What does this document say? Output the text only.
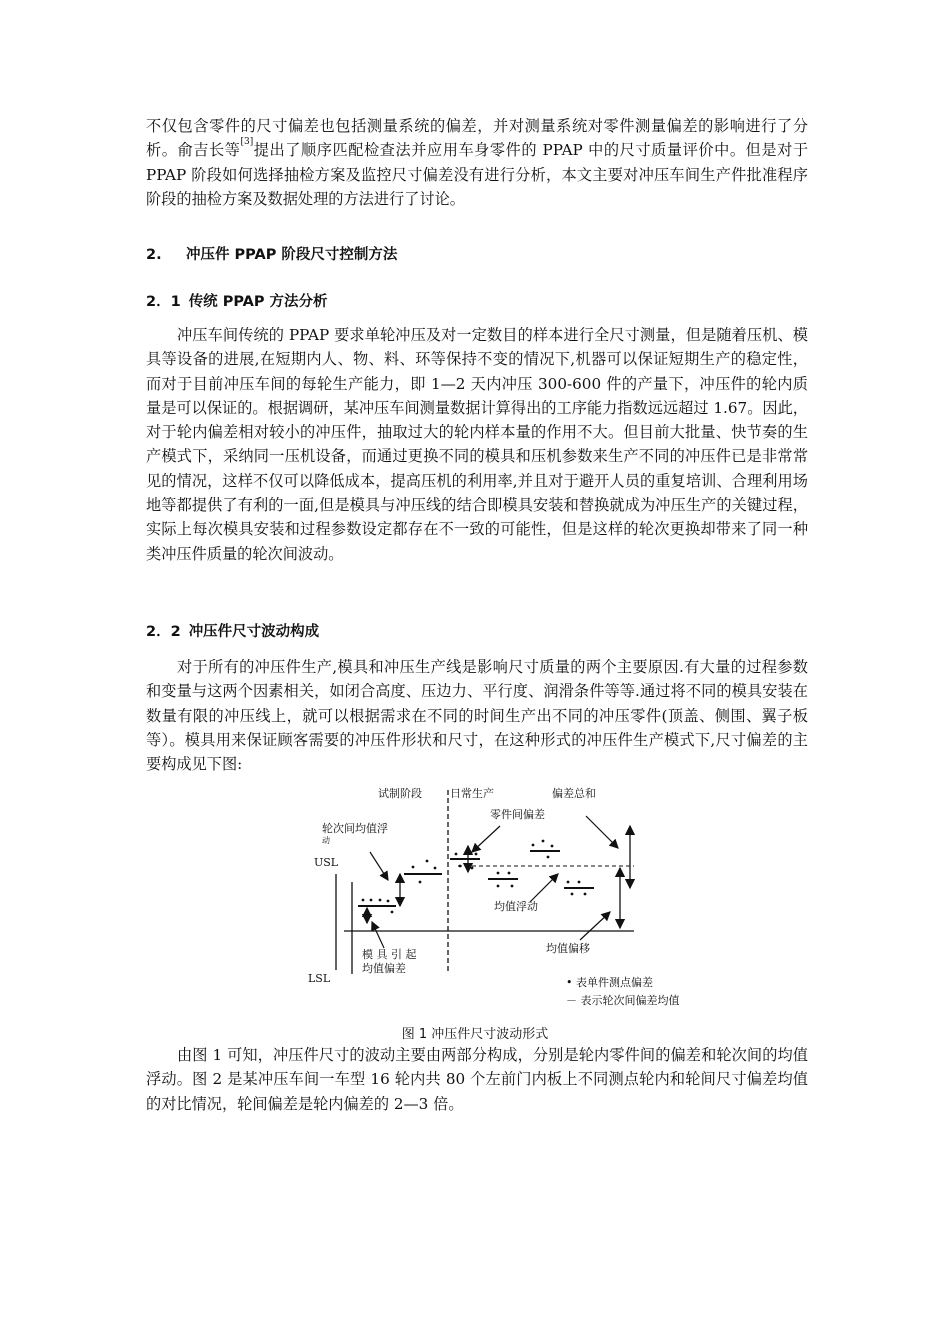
不仅包含零件的尺寸偏差也包括测量系统的偏差，并对测量系统对零件测量偏差的影响进行了分析。俞吉长等[3]提出了顺序匹配检查法并应用车身零件的 PPAP 中的尺寸质量评价中。但是对于 PPAP 阶段如何选择抽检方案及监控尺寸偏差没有进行分析，本文主要对冲压车间生产件批准程序阶段的抽检方案及数据处理的方法进行了讨论。

2. 冲压件 PPAP 阶段尺寸控制方法

2．1 传统 PPAP 方法分析

冲压车间传统的 PPAP 要求单轮冲压及对一定数目的样本进行全尺寸测量，但是随着压机、模具等设备的进展,在短期内人、物、料、环等保持不变的情况下,机器可以保证短期生产的稳定性，而对于目前冲压车间的每轮生产能力，即 1—2 天内冲压 300-600 件的产量下，冲压件的轮内质量是可以保证的。根据调研，某冲压车间测量数据计算得出的工序能力指数远远超过 1.67。因此，对于轮内偏差相对较小的冲压件，抽取过大的轮内样本量的作用不大。但目前大批量、快节奏的生产模式下，采纳同一压机设备，而通过更换不同的模具和压机参数来生产不同的冲压件已是非常常见的情况，这样不仅可以降低成本，提高压机的利用率,并且对于避开人员的重复培训、合理利用场地等都提供了有利的一面,但是模具与冲压线的结合即模具安装和替换就成为冲压生产的关键过程，实际上每次模具安装和过程参数设定都存在不一致的可能性，但是这样的轮次更换却带来了同一种类冲压件质量的轮次间波动。

2．2 冲压件尺寸波动构成

对于所有的冲压件生产,模具和冲压生产线是影响尺寸质量的两个主要原因.有大量的过程参数和变量与这两个因素相关，如闭合高度、压边力、平行度、润滑条件等等.通过将不同的模具安装在数量有限的冲压线上，就可以根据需求在不同的时间生产出不同的冲压零件(顶盖、侧围、翼子板等）。模具用来保证顾客需要的冲压件形状和尺寸，在这种形式的冲压件生产模式下,尺寸偏差的主要构成见下图:

试制阶段	日常生产	偏差总和
零件间偏差
轮次间均值浮
动
USL
LSL
均值浮动
均值偏移
模 具 引 起
均值偏差
• 表单件测点偏差
－ 表示轮次间偏差均值
图 1 冲压件尺寸波动形式

由图 1 可知，冲压件尺寸的波动主要由两部分构成，分别是轮内零件间的偏差和轮次间的均值浮动。图 2 是某冲压车间一车型 16 轮内共 80 个左前门内板上不同测点轮内和轮间尺寸偏差均值的对比情况，轮间偏差是轮内偏差的 2—3 倍。
